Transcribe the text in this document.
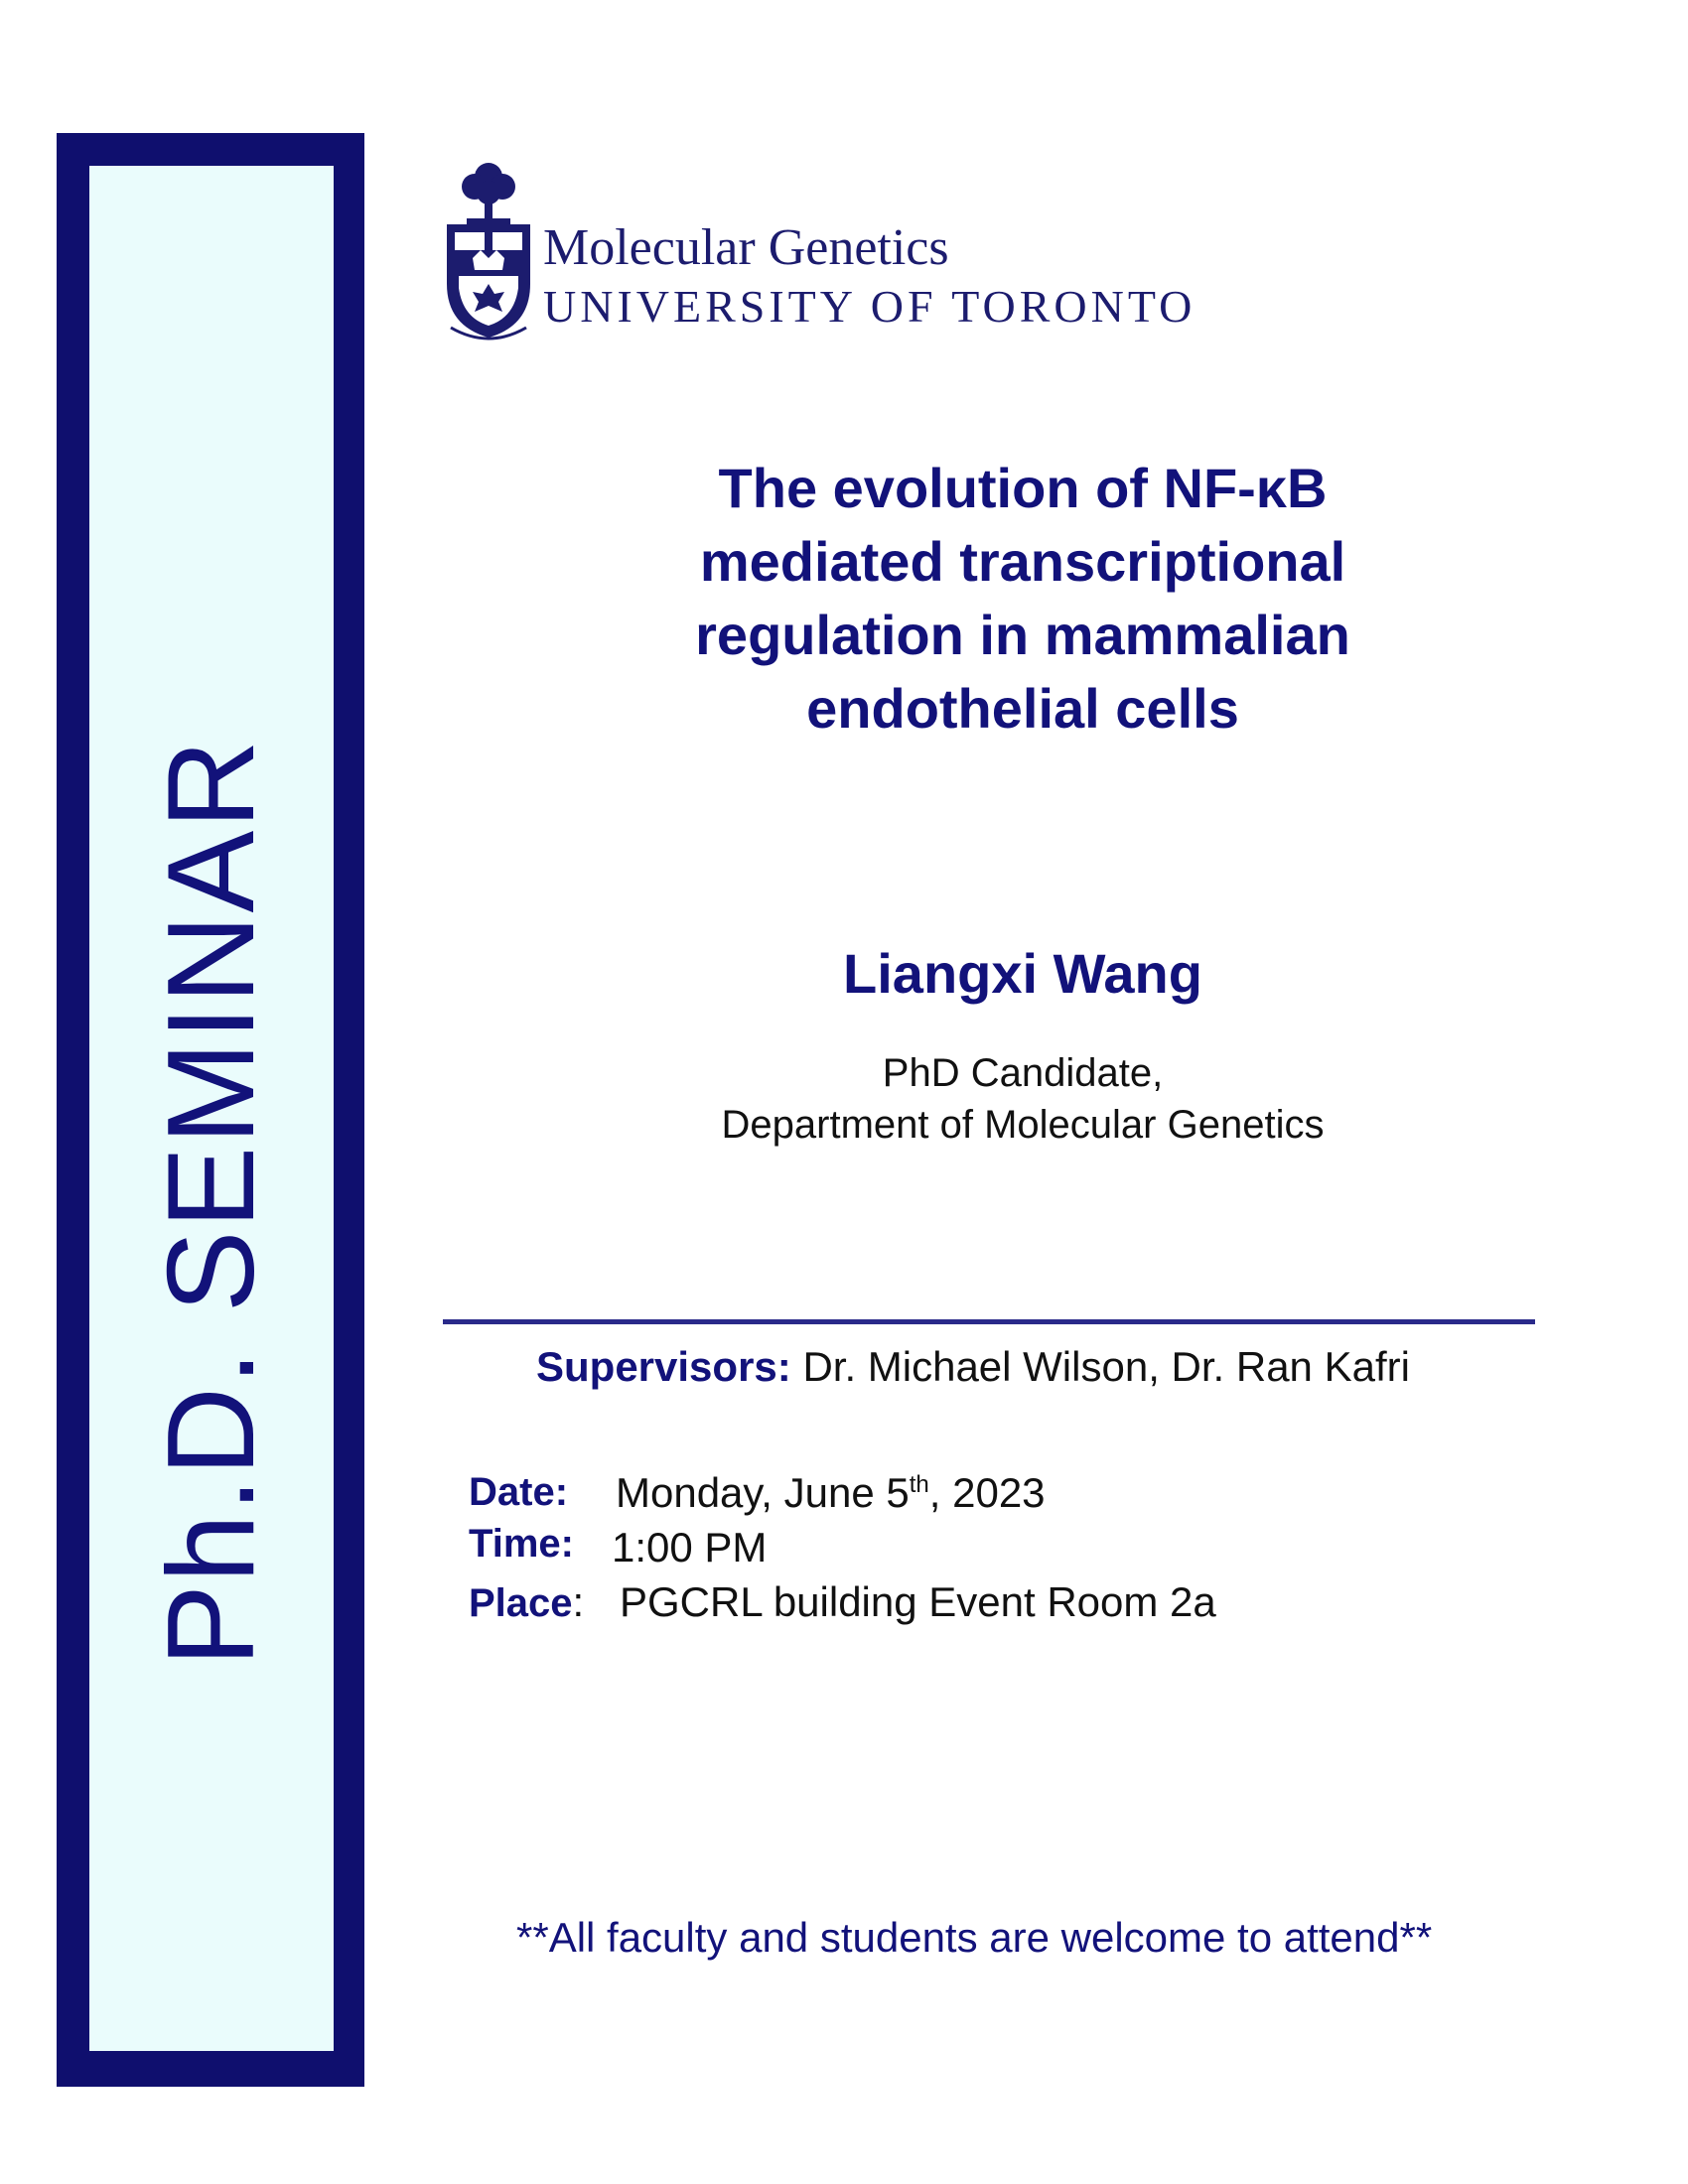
Ph.D. SEMINAR
Molecular Genetics
UNIVERSITY OF TORONTO
The evolution of NF-κB
mediated transcriptional
regulation in mammalian
endothelial cells
Liangxi Wang
PhD Candidate,
Department of Molecular Genetics
Supervisors: Dr. Michael Wilson, Dr. Ran Kafri
Date: Monday, June 5th, 2023
Time: 1:00 PM
Place: PGCRL building Event Room 2a
**All faculty and students are welcome to attend**
